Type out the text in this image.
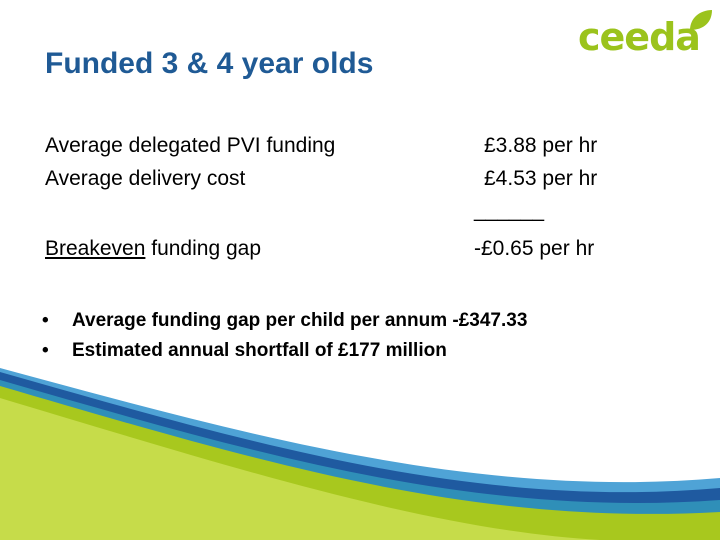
ceeda
Funded 3 & 4 year olds
Average delegated PVI funding	£3.88 per hr
Average delivery cost	£4.53 per hr
______
Breakeven funding gap	-£0.65 per hr
• Average funding gap per child per annum -£347.33
• Estimated annual shortfall of £177 million
